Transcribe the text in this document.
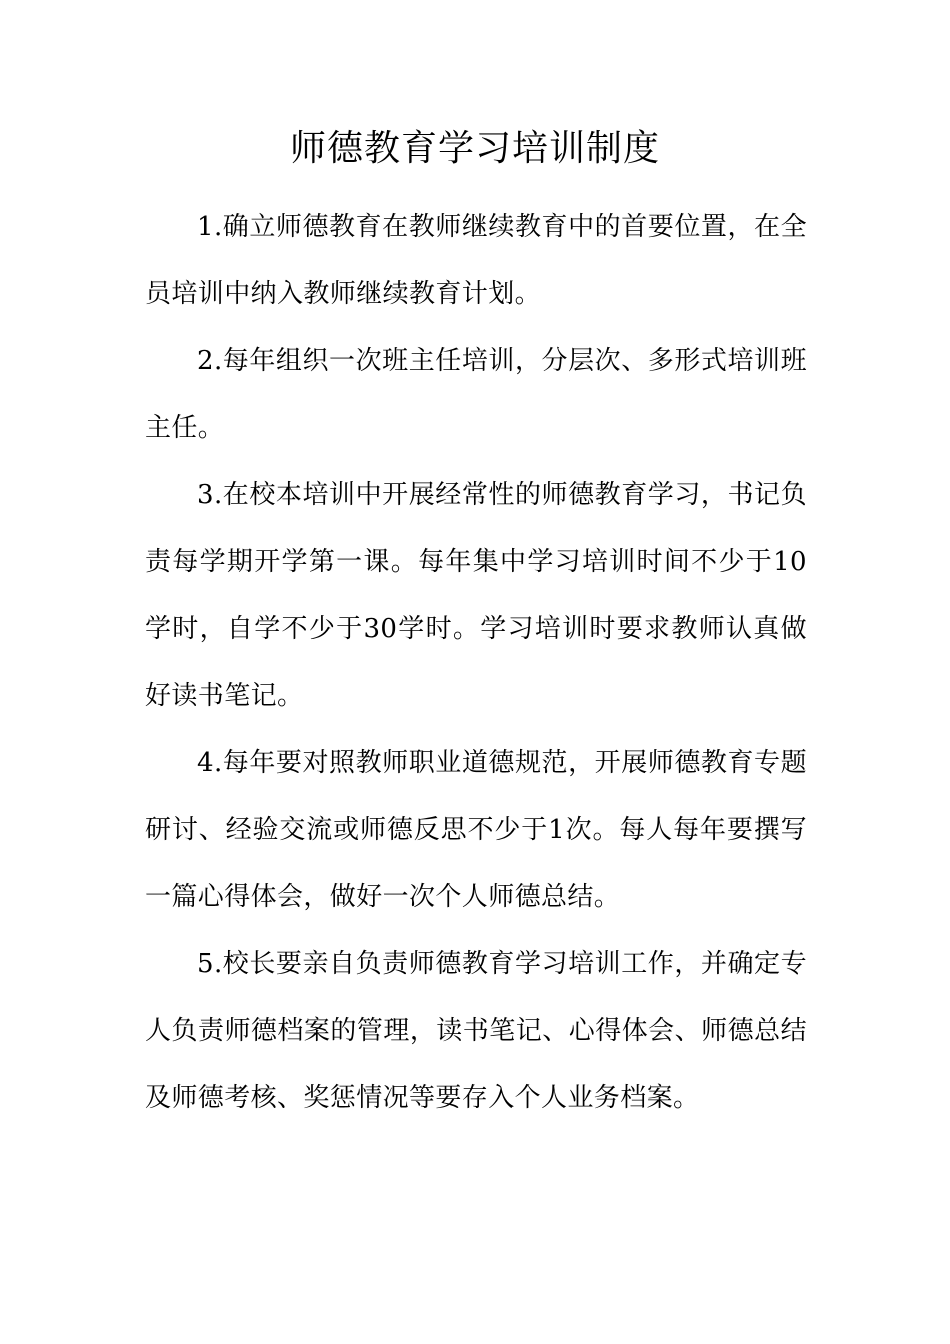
师德教育学习培训制度

1.确立师德教育在教师继续教育中的首要位置，在全员培训中纳入教师继续教育计划。

2.每年组织一次班主任培训，分层次、多形式培训班主任。

3.在校本培训中开展经常性的师德教育学习，书记负责每学期开学第一课。每年集中学习培训时间不少于10学时，自学不少于30学时。学习培训时要求教师认真做好读书笔记。

4.每年要对照教师职业道德规范，开展师德教育专题研讨、经验交流或师德反思不少于1次。每人每年要撰写一篇心得体会，做好一次个人师德总结。

5.校长要亲自负责师德教育学习培训工作，并确定专人负责师德档案的管理，读书笔记、心得体会、师德总结及师德考核、奖惩情况等要存入个人业务档案。
